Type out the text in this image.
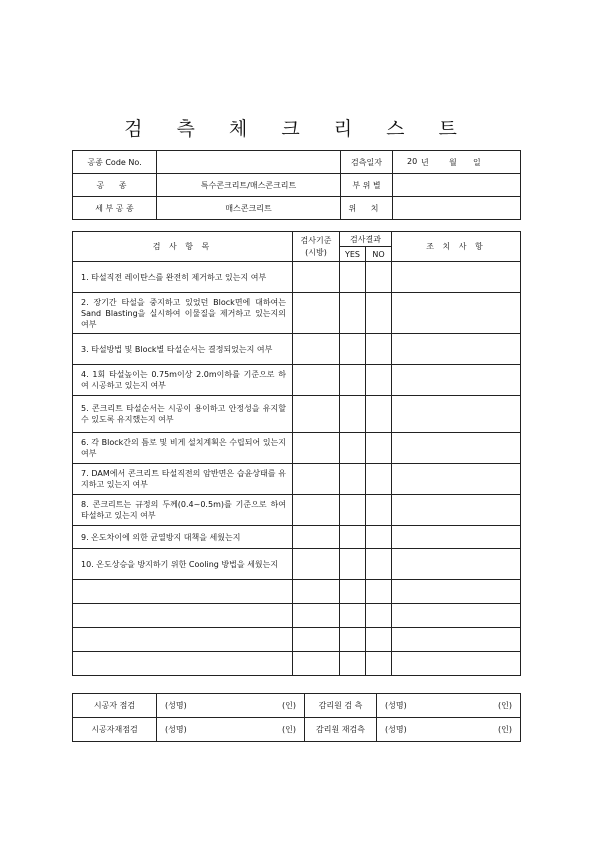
검 측 체 크 리 스 트
공종 Code No.		검측일자	20 년 월 일

공 종	특수콘크리트/매스콘크리트	부 위 별	
세 부 공 종	매스콘크리트	위 치	
검 사 항 목	검사기준
(시방)	검사결과		조 치 사 항
		YES	NO	
1. 타설직전 레이탄스를 완전히 제거하고 있는지 여부				
2. 장기간 타설을 중지하고 있었던 Block면에 대하여는 Sand Blasting을 실시하여 이물질을 제거하고 있는지의 여부				
3. 타설방법 및 Block별 타설순서는 결정되었는지 여부				
4. 1회 타설높이는 0.75m이상 2.0m이하를 기준으로 하여 시공하고 있는지 여부				
5. 콘크리트 타설순서는 시공이 용이하고 안정성을 유지할 수 있도록 유지했는지 여부				
6. 각 Block간의 틈로 및 비게 설치계획은 수립되어 있는지 여부				
7. DAM에서 콘크리트 타설직전의 암반면은 습윤상태를 유지하고 있는지 여부				
8. 콘크리트는 규정의 두께(0.4~0.5m)를 기준으로 하여 타설하고 있는지 여부				
9. 온도차이에 의한 균열방지 대책을 세웠는지				
10. 온도상승을 방지하기 위한 Cooling 방법을 세웠는지				

시공자 점검	(성명) (인)	감리원 검 측	(성명) (인)

시공자재점검	(성명) (인)	감리원 재검측	(성명) (인)
